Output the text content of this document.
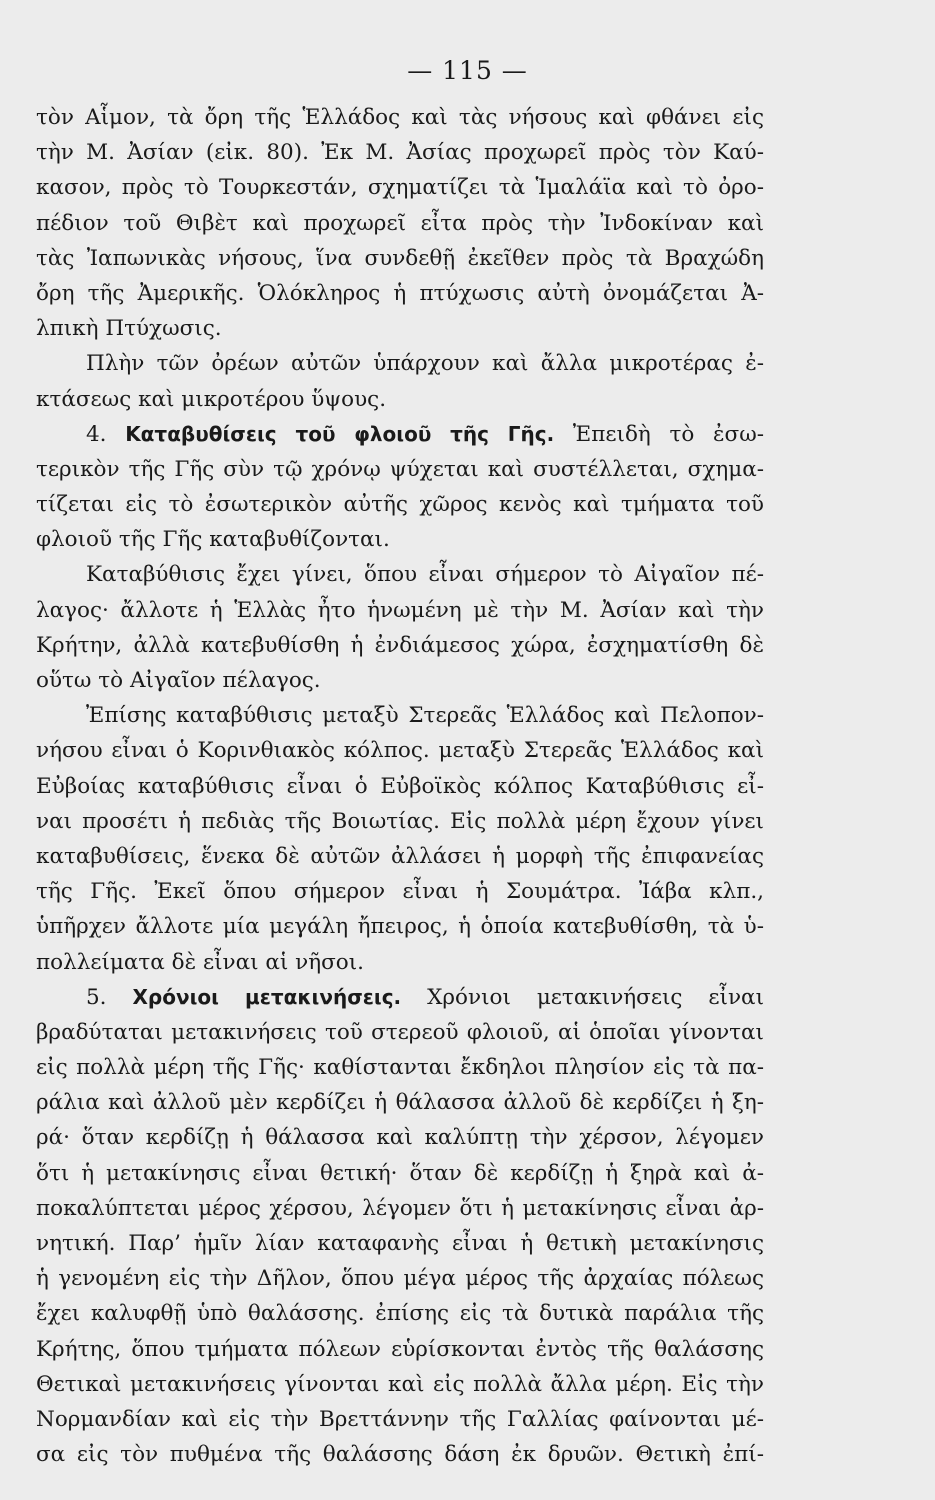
— 115 —
τὸν Αἷμον, τὰ ὄρη τῆς Ἑλλάδος καὶ τὰς νήσους καὶ φθάνει εἰς
τὴν Μ. Ἀσίαν (εἰκ. 80). Ἐκ Μ. Ἀσίας προχωρεῖ πρὸς τὸν Καύ-
κασον, πρὸς τὸ Τουρκεστάν, σχηματίζει τὰ Ἱμαλάϊα καὶ τὸ ὀρο-
πέδιον τοῦ Θιβὲτ καὶ προχωρεῖ εἶτα πρὸς τὴν Ἰνδοκίναν καὶ
τὰς Ἰαπωνικὰς νήσους, ἵνα συνδεθῇ ἐκεῖθεν πρὸς τὰ Βραχώδη
ὄρη τῆς Ἀμερικῆς. Ὁλόκληρος ἡ πτύχωσις αὐτὴ ὀνομάζεται Ἀ-
λπικὴ Πτύχωσις.
Πλὴν τῶν ὀρέων αὐτῶν ὑπάρχουν καὶ ἄλλα μικροτέρας ἐ-
κτάσεως καὶ μικροτέρου ὕψους.
4. Καταβυθίσεις τοῦ φλοιοῦ τῆς Γῆς. Ἐπειδὴ τὸ ἐσω-
τερικὸν τῆς Γῆς σὺν τῷ χρόνῳ ψύχεται καὶ συστέλλεται, σχημα-
τίζεται εἰς τὸ ἐσωτερικὸν αὐτῆς χῶρος κενὸς καὶ τμήματα τοῦ
φλοιοῦ τῆς Γῆς καταβυθίζονται.
Καταβύθισις ἔχει γίνει, ὅπου εἶναι σήμερον τὸ Αἰγαῖον πέ-
λαγος· ἄλλοτε ἡ Ἑλλὰς ἦτο ἡνωμένη μὲ τὴν Μ. Ἀσίαν καὶ τὴν
Κρήτην, ἀλλὰ κατεβυθίσθη ἡ ἐνδιάμεσος χώρα, ἐσχηματίσθη δὲ
οὕτω τὸ Αἰγαῖον πέλαγος.
Ἐπίσης καταβύθισις μεταξὺ Στερεᾶς Ἑλλάδος καὶ Πελοπον-
νήσου εἶναι ὁ Κορινθιακὸς κόλπος. μεταξὺ Στερεᾶς Ἑλλάδος καὶ
Εὐβοίας καταβύθισις εἶναι ὁ Εὐβοϊκὸς κόλπος Καταβύθισις εἶ-
ναι προσέτι ἡ πεδιὰς τῆς Βοιωτίας. Εἰς πολλὰ μέρη ἔχουν γίνει
καταβυθίσεις, ἕνεκα δὲ αὐτῶν ἀλλάσει ἡ μορφὴ τῆς ἐπιφανείας
τῆς Γῆς. Ἐκεῖ ὅπου σήμερον εἶναι ἡ Σουμάτρα. Ἰάβα κλπ.,
ὑπῆρχεν ἄλλοτε μία μεγάλη ἤπειρος, ἡ ὁποία κατεβυθίσθη, τὰ ὑ-
πολλείματα δὲ εἶναι αἱ νῆσοι.
5. Χρόνιοι μετακινήσεις. Χρόνιοι μετακινήσεις εἶναι
βραδύταται μετακινήσεις τοῦ στερεοῦ φλοιοῦ, αἱ ὁποῖαι γίνονται
εἰς πολλὰ μέρη τῆς Γῆς· καθίστανται ἔκδηλοι πλησίον εἰς τὰ πα-
ράλια καὶ ἀλλοῦ μὲν κερδίζει ἡ θάλασσα ἀλλοῦ δὲ κερδίζει ἡ ξη-
ρά· ὅταν κερδίζῃ ἡ θάλασσα καὶ καλύπτῃ τὴν χέρσον, λέγομεν
ὅτι ἡ μετακίνησις εἶναι θετική· ὅταν δὲ κερδίζῃ ἡ ξηρὰ καὶ ἀ-
ποκαλύπτεται μέρος χέρσου, λέγομεν ὅτι ἡ μετακίνησις εἶναι ἀρ-
νητική. Παρ’ ἡμῖν λίαν καταφανὴς εἶναι ἡ θετικὴ μετακίνησις
ἡ γενομένη εἰς τὴν Δῆλον, ὅπου μέγα μέρος τῆς ἀρχαίας πόλεως
ἔχει καλυφθῇ ὑπὸ θαλάσσης. ἐπίσης εἰς τὰ δυτικὰ παράλια τῆς
Κρήτης, ὅπου τμήματα πόλεων εὑρίσκονται ἐντὸς τῆς θαλάσσης
Θετικαὶ μετακινήσεις γίνονται καὶ εἰς πολλὰ ἄλλα μέρη. Εἰς τὴν
Νορμανδίαν καὶ εἰς τὴν Βρεττάννην τῆς Γαλλίας φαίνονται μέ-
σα εἰς τὸν πυθμένα τῆς θαλάσσης δάση ἐκ δρυῶν. Θετικὴ ἐπί-
